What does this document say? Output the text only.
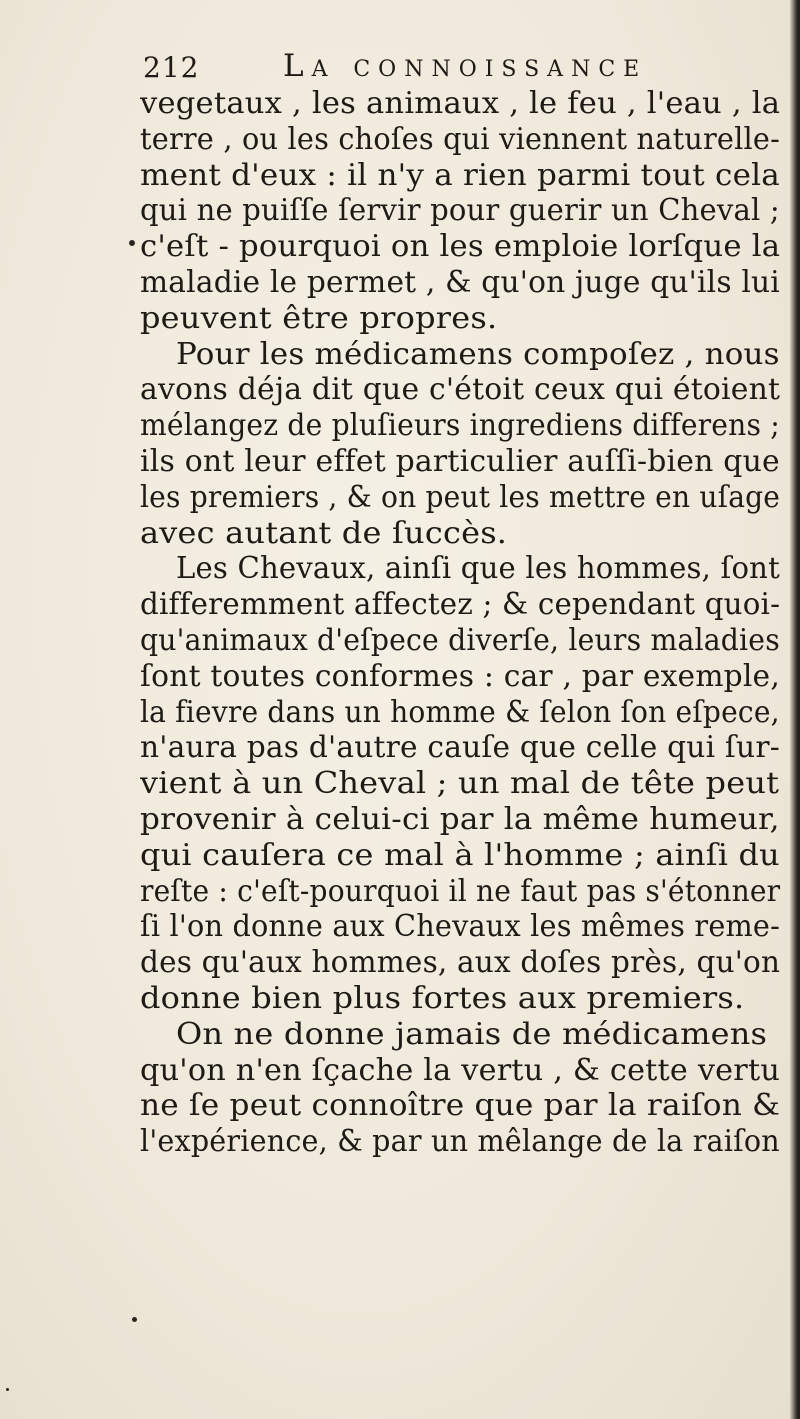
212	La connoissance
vegetaux , les animaux , le feu , l'eau , la
terre , ou les choſes qui viennent naturelle-
ment d'eux : il n'y a rien parmi tout cela
qui ne puiſſe ſervir pour guerir un Cheval ;
c'eſt - pourquoi on les emploie lorſque la
maladie le permet , & qu'on juge qu'ils lui
peuvent être propres.
Pour les médicamens compoſez , nous
avons déja dit que c'étoit ceux qui étoient
mélangez de pluſieurs ingrediens differens ;
ils ont leur effet particulier auſſi-bien que
les premiers , & on peut les mettre en uſage
avec autant de ſuccès.
Les Chevaux, ainſi que les hommes, ſont
differemment affectez ; & cependant quoi-
qu'animaux d'eſpece diverſe, leurs maladies
ſont toutes conformes : car , par exemple,
la fievre dans un homme & ſelon ſon eſpece,
n'aura pas d'autre cauſe que celle qui ſur-
vient à un Cheval ; un mal de tête peut
provenir à celui-ci par la même humeur,
qui cauſera ce mal à l'homme ; ainſi du
reſte : c'eſt-pourquoi il ne faut pas s'étonner
ſi l'on donne aux Chevaux les mêmes reme-
des qu'aux hommes, aux doſes près, qu'on
donne bien plus fortes aux premiers.
On ne donne jamais de médicamens
qu'on n'en ſçache la vertu , & cette vertu
ne ſe peut connoître que par la raiſon &
l'expérience, & par un mêlange de la raiſon
